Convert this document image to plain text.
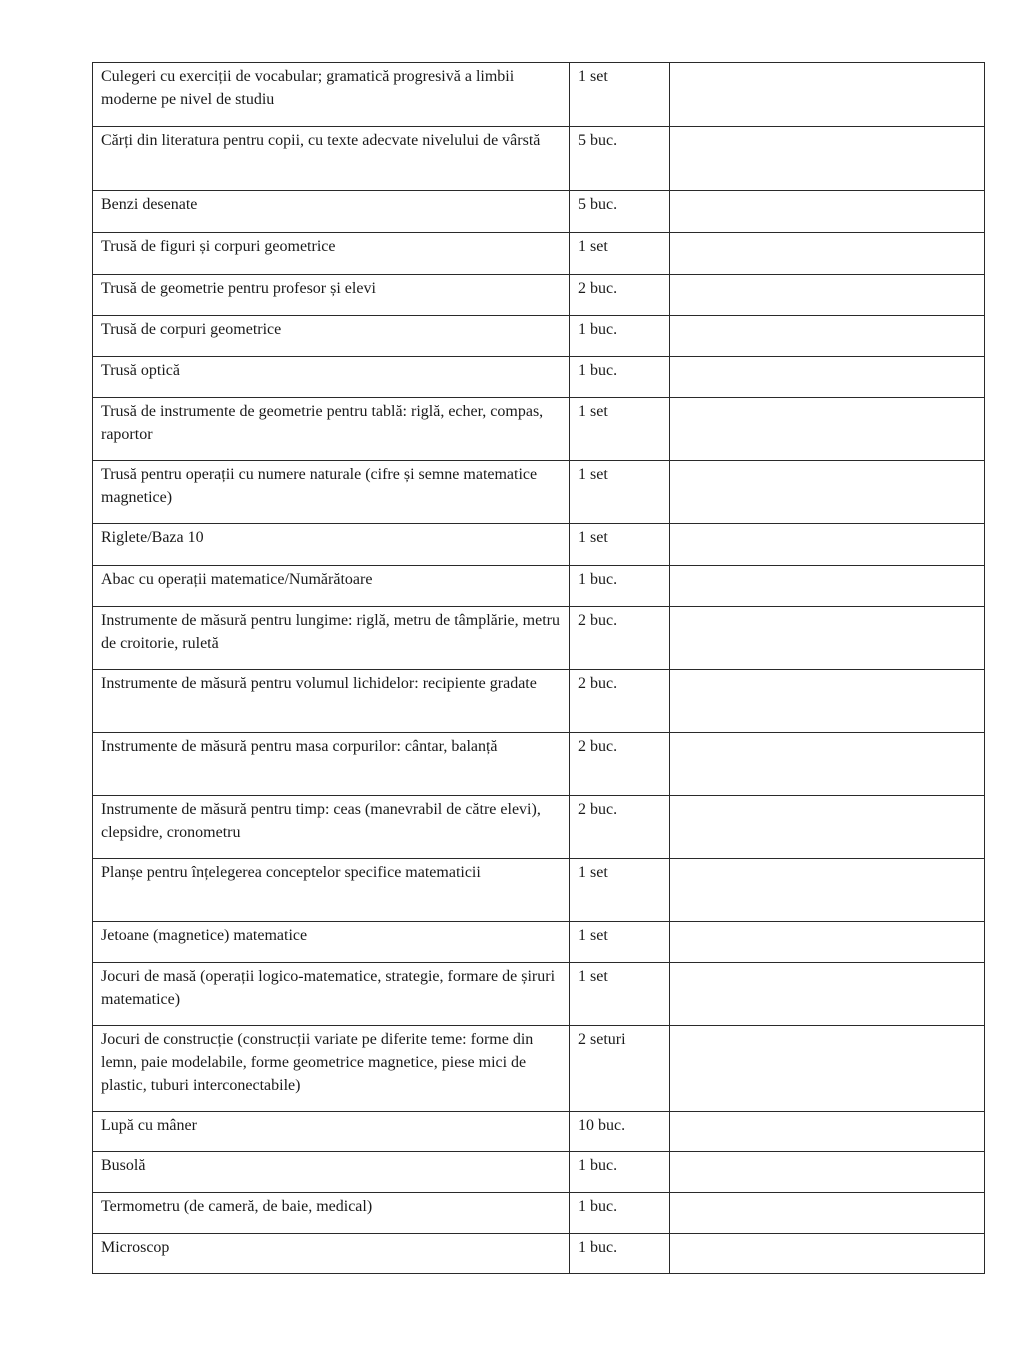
Culegeri cu exerciții de vocabular; gramatică progresivă a limbii moderne pe nivel de studiu	1 set	
Cărți din literatura pentru copii, cu texte adecvate nivelului de vârstă	5 buc.	
Benzi desenate	5 buc.	
Trusă de figuri și corpuri geometrice	1 set	
Trusă de geometrie pentru profesor și elevi	2 buc.	
Trusă de corpuri geometrice	1 buc.	
Trusă optică	1 buc.	
Trusă de instrumente de geometrie pentru tablă: riglă, echer, compas, raportor	1 set	
Trusă pentru operații cu numere naturale (cifre și semne matematice magnetice)	1 set	
Riglete/Baza 10	1 set	
Abac cu operații matematice/Numărătoare	1 buc.	
Instrumente de măsură pentru lungime: riglă, metru de tâmplărie, metru de croitorie, ruletă	2 buc.	
Instrumente de măsură pentru volumul lichidelor: recipiente gradate	2 buc.	
Instrumente de măsură pentru masa corpurilor: cântar, balanță	2 buc.	
Instrumente de măsură pentru timp: ceas (manevrabil de către elevi), clepsidre, cronometru	2 buc.	
Planșe pentru înțelegerea conceptelor specifice matematicii	1 set	
Jetoane (magnetice) matematice	1 set	
Jocuri de masă (operații logico-matematice, strategie, formare de șiruri matematice)	1 set	
Jocuri de construcție (construcții variate pe diferite teme: forme din lemn, paie modelabile, forme geometrice magnetice, piese mici de plastic, tuburi interconectabile)	2 seturi	
Lupă cu mâner	10 buc.	
Busolă	1 buc.	
Termometru (de cameră, de baie, medical)	1 buc.	
Microscop	1 buc.	
